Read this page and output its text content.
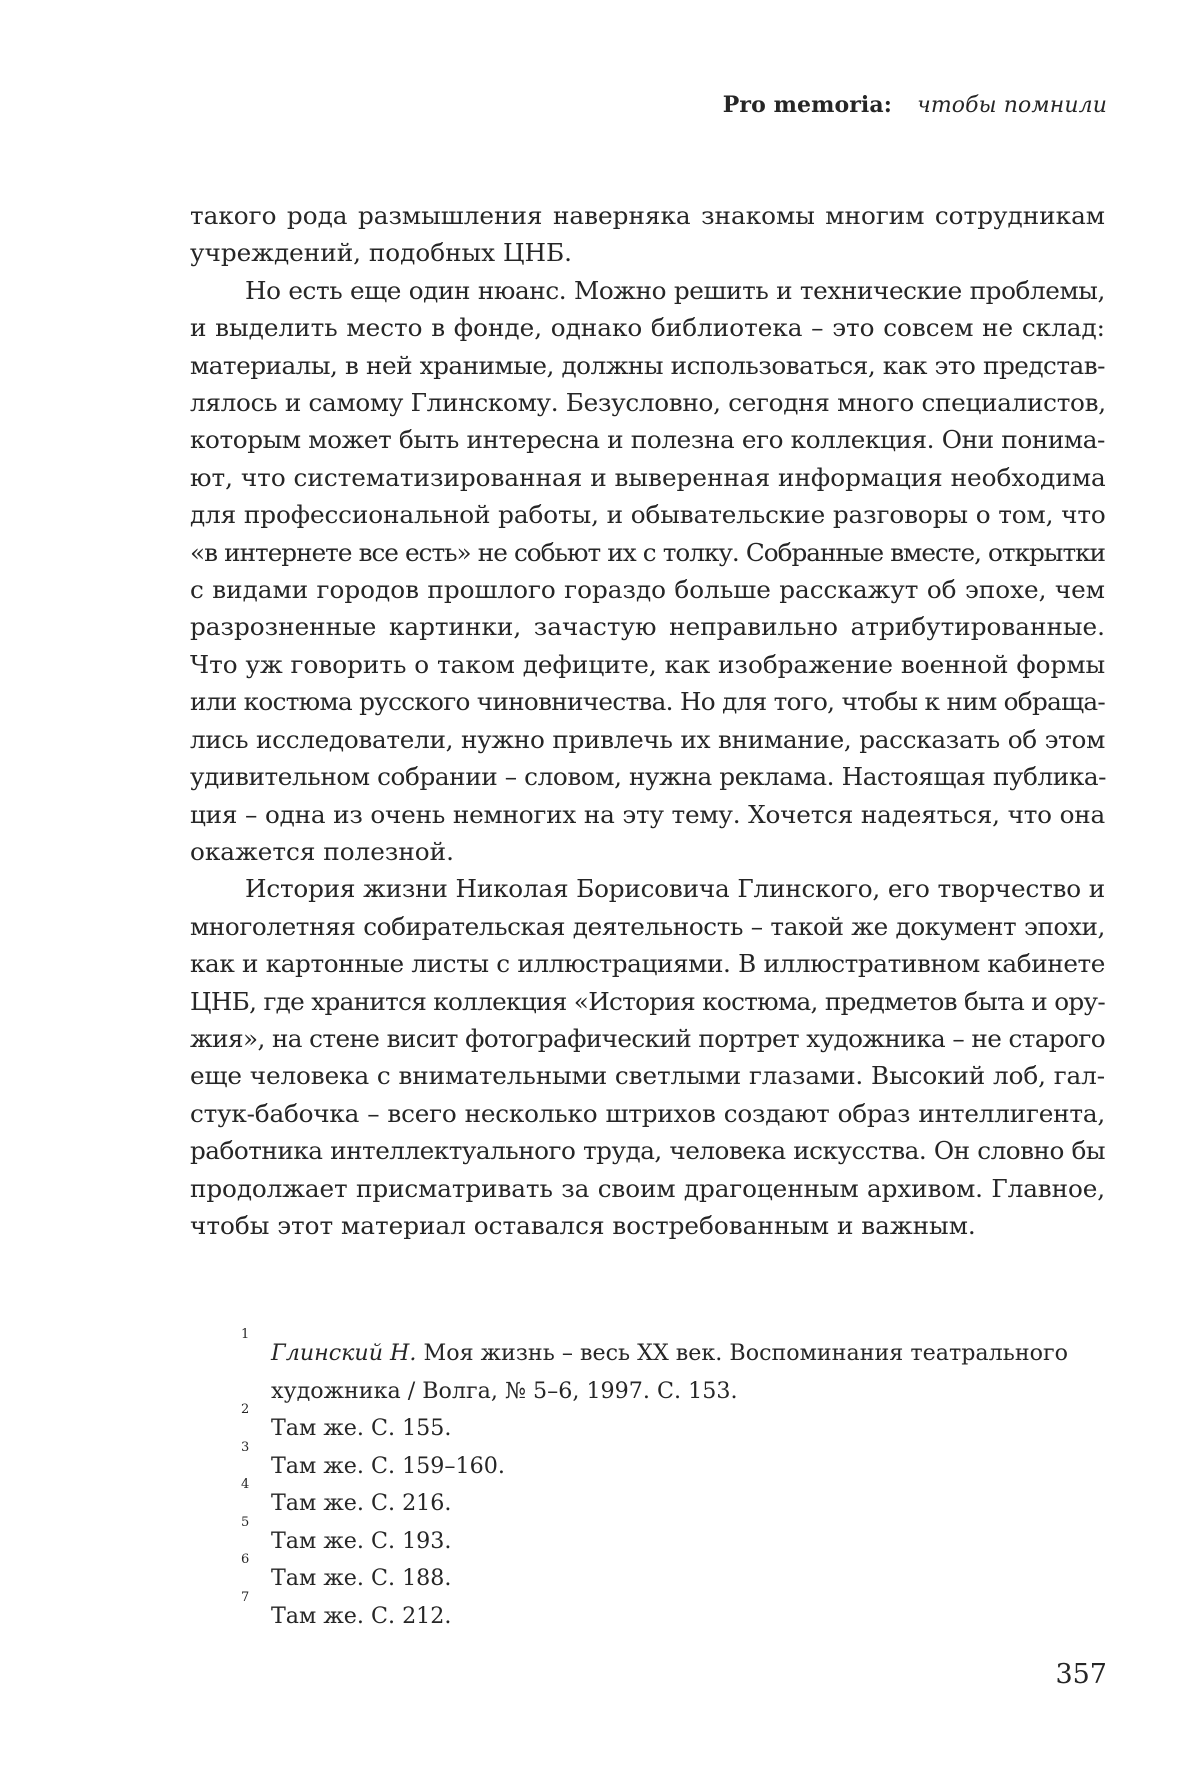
Pro memoria: чтобы помнили

такого рода размышления наверняка знакомы многим сотрудникам
учреждений, подобных ЦНБ.

Но есть еще один нюанс. Можно решить и технические проблемы,
и выделить место в фонде, однако библиотека – это совсем не склад:
материалы, в ней хранимые, должны использоваться, как это представ-
лялось и самому Глинскому. Безусловно, сегодня много специалистов,
которым может быть интересна и полезна его коллекция. Они понима-
ют, что систематизированная и выверенная информация необходима
для профессиональной работы, и обывательские разговоры о том, что
«в интернете все есть» не собьют их с толку. Собранные вместе, открытки
с видами городов прошлого гораздо больше расскажут об эпохе, чем
разрозненные картинки, зачастую неправильно атрибутированные.
Что уж говорить о таком дефиците, как изображение военной формы
или костюма русского чиновничества. Но для того, чтобы к ним обраща-
лись исследователи, нужно привлечь их внимание, рассказать об этом
удивительном собрании – словом, нужна реклама. Настоящая публика-
ция – одна из очень немногих на эту тему. Хочется надеяться, что она
окажется полезной.

История жизни Николая Борисовича Глинского, его творчество и
многолетняя собирательская деятельность – такой же документ эпохи,
как и картонные листы с иллюстрациями. В иллюстративном кабинете
ЦНБ, где хранится коллекция «История костюма, предметов быта и ору-
жия», на стене висит фотографический портрет художника – не старого
еще человека с внимательными светлыми глазами. Высокий лоб, гал-
стук-бабочка – всего несколько штрихов создают образ интеллигента,
работника интеллектуального труда, человека искусства. Он словно бы
продолжает присматривать за своим драгоценным архивом. Главное,
чтобы этот материал оставался востребованным и важным.

1
Глинский Н. Моя жизнь – весь XX век. Воспоминания театрального
художника / Волга, № 5–6, 1997. С. 153.
2
Там же. С. 155.
3
Там же. С. 159–160.
4
Там же. С. 216.
5
Там же. С. 193.
6
Там же. С. 188.
7
Там же. С. 212.
357
